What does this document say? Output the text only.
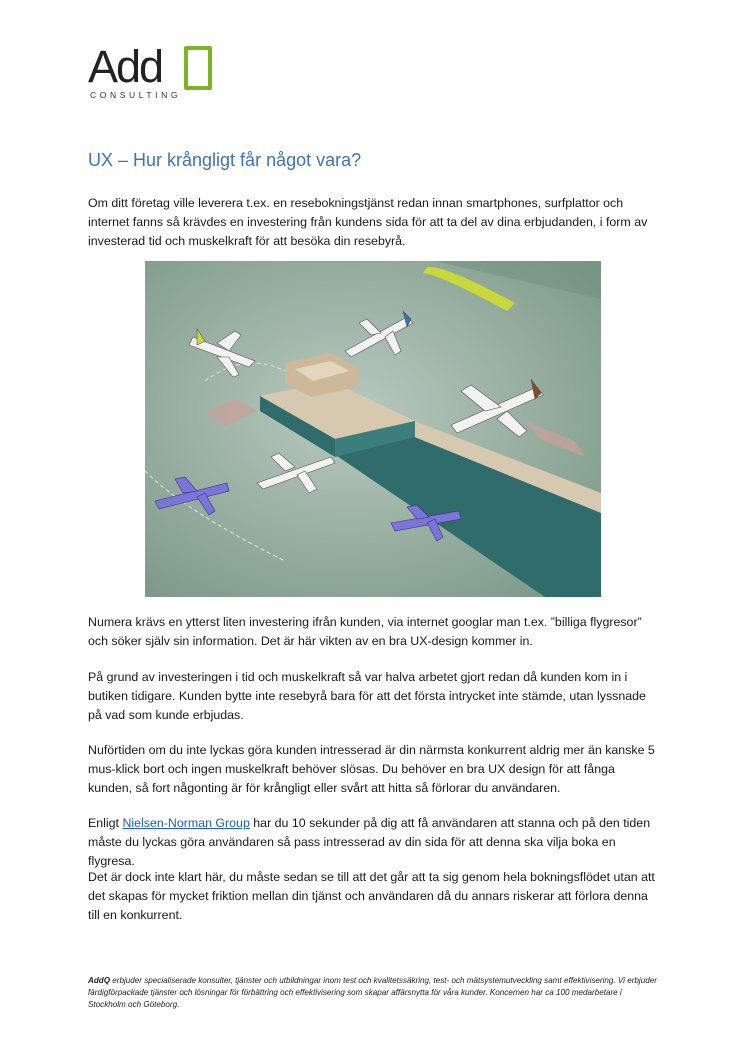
Add	Q
CONSULTING
UX – Hur krångligt får något vara?

Om ditt företag ville leverera t.ex. en resebokningstjänst redan innan smartphones, surfplattor och internet fanns så krävdes en investering från kundens sida för att ta del av dina erbjudanden, i form av investerad tid och muskelkraft för att besöka din resebyrå.

Numera krävs en ytterst liten investering ifrån kunden, via internet googlar man t.ex. ”billiga flygresor” och söker själv sin information. Det är här vikten av en bra UX-design kommer in.

På grund av investeringen i tid och muskelkraft så var halva arbetet gjort redan då kunden kom in i butiken tidigare. Kunden bytte inte resebyrå bara för att det första intrycket inte stämde, utan lyssnade på vad som kunde erbjudas.

Nuförtiden om du inte lyckas göra kunden intresserad är din närmsta konkurrent aldrig mer än kanske 5 mus-klick bort och ingen muskelkraft behöver slösas. Du behöver en bra UX design för att fånga kunden, så fort någonting är för krångligt eller svårt att hitta så förlorar du användaren.

Enligt Nielsen-Norman Group har du 10 sekunder på dig att få användaren att stanna och på den tiden måste du lyckas göra användaren så pass intresserad av din sida för att denna ska vilja boka en flygresa.

Det är dock inte klart här, du måste sedan se till att det går att ta sig genom hela bokningsflödet utan att det skapas för mycket friktion mellan din tjänst och användaren då du annars riskerar att förlora denna till en konkurrent.

AddQ erbjuder specialiserade konsulter, tjänster och utbildningar inom test och kvalitetssäkring, test- och mätsystemutveckling samt effektivisering. Vi erbjuder färdigförpackade tjänster och lösningar för förbättring och effektivisering som skapar affärsnytta för våra kunder. Koncernen har ca 100 medarbetare i Stockholm och Göteborg.
